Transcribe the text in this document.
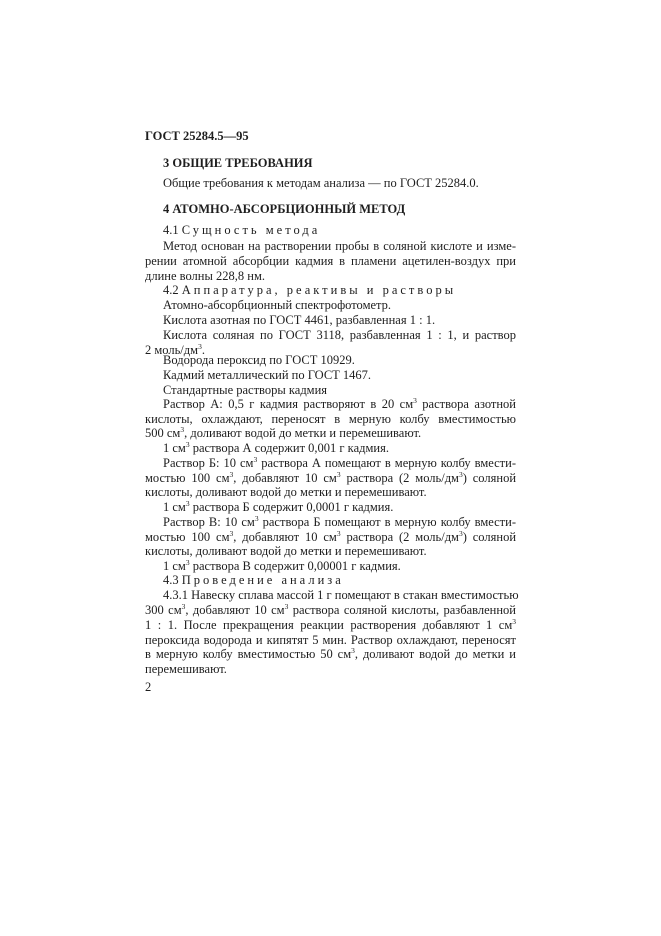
ГОСТ 25284.5—95
3 ОБЩИЕ ТРЕБОВАНИЯ
Общие требования к методам анализа — по ГОСТ 25284.0.
4 АТОМНО-АБСОРБЦИОННЫЙ МЕТОД
4.1 Сущность метода
Метод основан на растворении пробы в соляной кислоте и изме-
рении атомной абсорбции кадмия в пламени ацетилен-воздух при
длине волны 228,8 нм.
4.2 Аппаратура, реактивы и растворы
Атомно-абсорбционный спектрофотометр.
Кислота азотная по ГОСТ 4461, разбавленная 1 : 1.
Кислота соляная по ГОСТ 3118, разбавленная 1 : 1, и раствор
2 моль/$дм^3$.
Водорода пероксид по ГОСТ 10929.
Кадмий металлический по ГОСТ 1467.
Стандартные растворы кадмия
Раствор А: 0,5 г кадмия растворяют в 20 $см^3$ раствора азотной
кислоты, охлаждают, переносят в мерную колбу вместимостью
500 $см^3$, доливают водой до метки и перемешивают.
1 $см^3$ раствора А содержит 0,001 г кадмия.
Раствор Б: 10 $см^3$ раствора А помещают в мерную колбу вмести-
мостью 100 $см^3$, добавляют 10 $см^3$ раствора (2 моль/$дм^3$) соляной
кислоты, доливают водой до метки и перемешивают.
1 $см^3$ раствора Б содержит 0,0001 г кадмия.
Раствор В: 10 $см^3$ раствора Б помещают в мерную колбу вмести-
мостью 100 $см^3$, добавляют 10 $см^3$ раствора (2 моль/$дм^3$) соляной
кислоты, доливают водой до метки и перемешивают.
1 $см^3$ раствора В содержит 0,00001 г кадмия.
4.3 Проведение анализа
4.3.1 Навеску сплава массой 1 г помещают в стакан вместимостью
300 $см^3$, добавляют 10 $см^3$ раствора соляной кислоты, разбавленной
1 : 1. После прекращения реакции растворения добавляют 1 $см^3$
пероксида водорода и кипятят 5 мин. Раствор охлаждают, переносят
в мерную колбу вместимостью 50 $см^3$, доливают водой до метки и
перемешивают.
2
